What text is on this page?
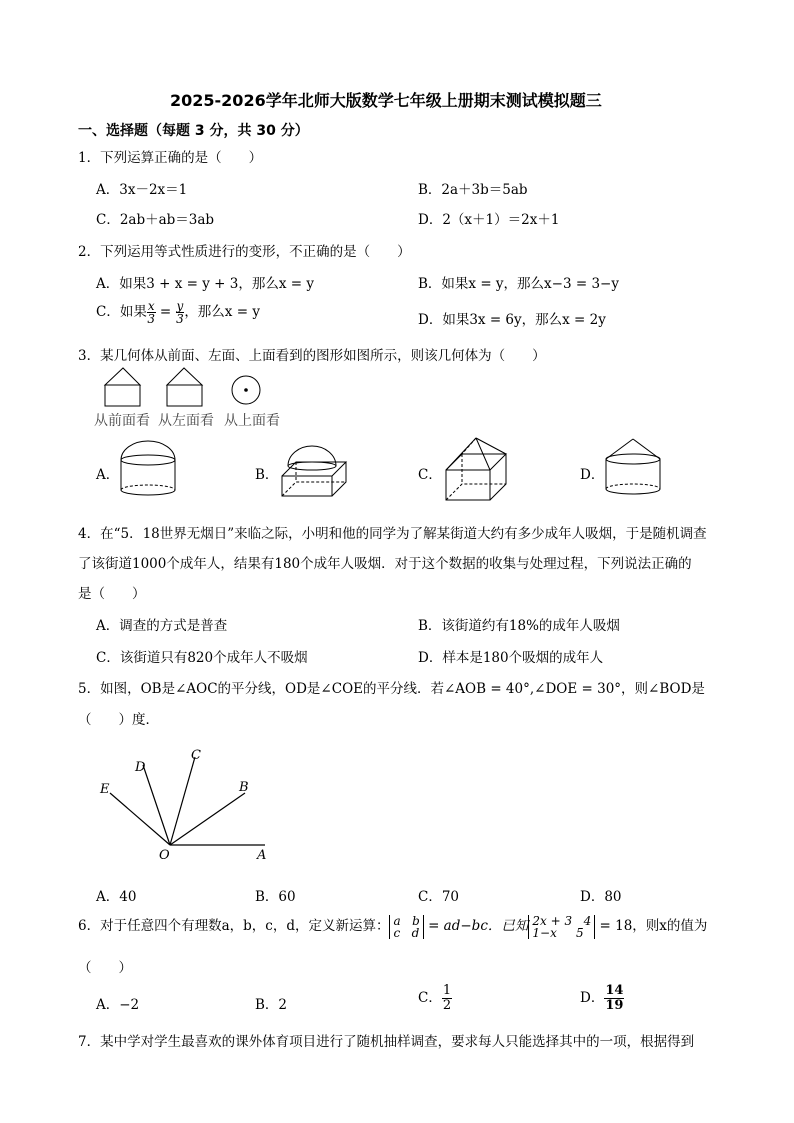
2025-2026学年北师大版数学七年级上册期末测试模拟题三
一、选择题（每题 3 分，共 30 分）
1．下列运算正确的是（　　）
A．3x－2x＝1	B．2a＋3b＝5ab
C．2ab＋ab＝3ab	D．2（x＋1）＝2x＋1
2．下列运用等式性质进行的变形，不正确的是（　　）
A．如果3 + x = y + 3，那么x = y	B．如果x = y，那么x−3 = 3−y
C．如果 $\frac{x}{3} = \frac{y}{3}$ ，那么x = y	D．如果3x = 6y，那么x = 2y
3．某几何体从前面、左面、上面看到的图形如图所示，则该几何体为（　　）
从前面看 从左面看 从上面看
A．	B．	C．	D．
4．在“5．18世界无烟日”来临之际，小明和他的同学为了解某街道大约有多少成年人吸烟，于是随机调查
了该街道1000个成年人，结果有180个成年人吸烟．对于这个数据的收集与处理过程，下列说法正确的
是（　　）
A．调查的方式是普查	B．该街道约有18%的成年人吸烟
C．该街道只有820个成年人不吸烟	D．样本是180个吸烟的成年人
5．如图，OB是∠AOC的平分线，OD是∠COE的平分线．若∠AOB = 40°,∠DOE = 30°，则∠BOD是
（　　）度．
O	A
B
C
D
E
A．40	B．60	C．70	D．80
6．对于任意四个有理数a，b，c，d，定义新运算： a b
c d = ad−bc．已知 2x + 3 4
1−x 5 = 18，则x的值为
（　　）
A．−2	B．2	C． $\frac{1}{2}$	D． $\frac{14}{19}$
7．某中学对学生最喜欢的课外体育项目进行了随机抽样调查，要求每人只能选择其中的一项，根据得到
